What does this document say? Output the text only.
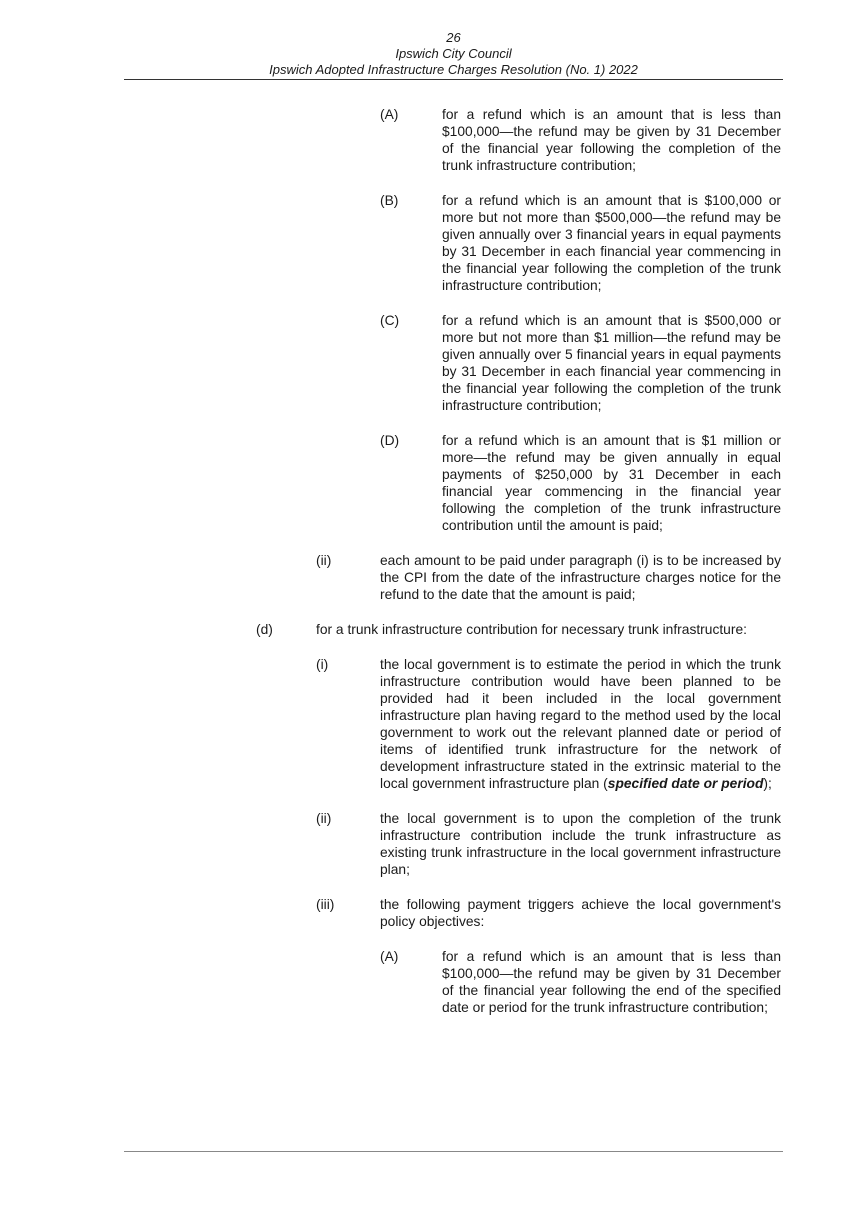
26
Ipswich City Council
Ipswich Adopted Infrastructure Charges Resolution (No. 1) 2022
(A)	for a refund which is an amount that is less than $100,000—the refund may be given by 31 December of the financial year following the completion of the trunk infrastructure contribution;
(B)	for a refund which is an amount that is $100,000 or more but not more than $500,000—the refund may be given annually over 3 financial years in equal payments by 31 December in each financial year commencing in the financial year following the completion of the trunk infrastructure contribution;
(C)	for a refund which is an amount that is $500,000 or more but not more than $1 million—the refund may be given annually over 5 financial years in equal payments by 31 December in each financial year commencing in the financial year following the completion of the trunk infrastructure contribution;
(D)	for a refund which is an amount that is $1 million or more—the refund may be given annually in equal payments of $250,000 by 31 December in each financial year commencing in the financial year following the completion of the trunk infrastructure contribution until the amount is paid;
(ii)	each amount to be paid under paragraph (i) is to be increased by the CPI from the date of the infrastructure charges notice for the refund to the date that the amount is paid;
(d)	for a trunk infrastructure contribution for necessary trunk infrastructure:
(i)	the local government is to estimate the period in which the trunk infrastructure contribution would have been planned to be provided had it been included in the local government infrastructure plan having regard to the method used by the local government to work out the relevant planned date or period of items of identified trunk infrastructure for the network of development infrastructure stated in the extrinsic material to the local government infrastructure plan (specified date or period);
(ii)	the local government is to upon the completion of the trunk infrastructure contribution include the trunk infrastructure as existing trunk infrastructure in the local government infrastructure plan;
(iii)	the following payment triggers achieve the local government's policy objectives:
(A)	for a refund which is an amount that is less than $100,000—the refund may be given by 31 December of the financial year following the end of the specified date or period for the trunk infrastructure contribution;
